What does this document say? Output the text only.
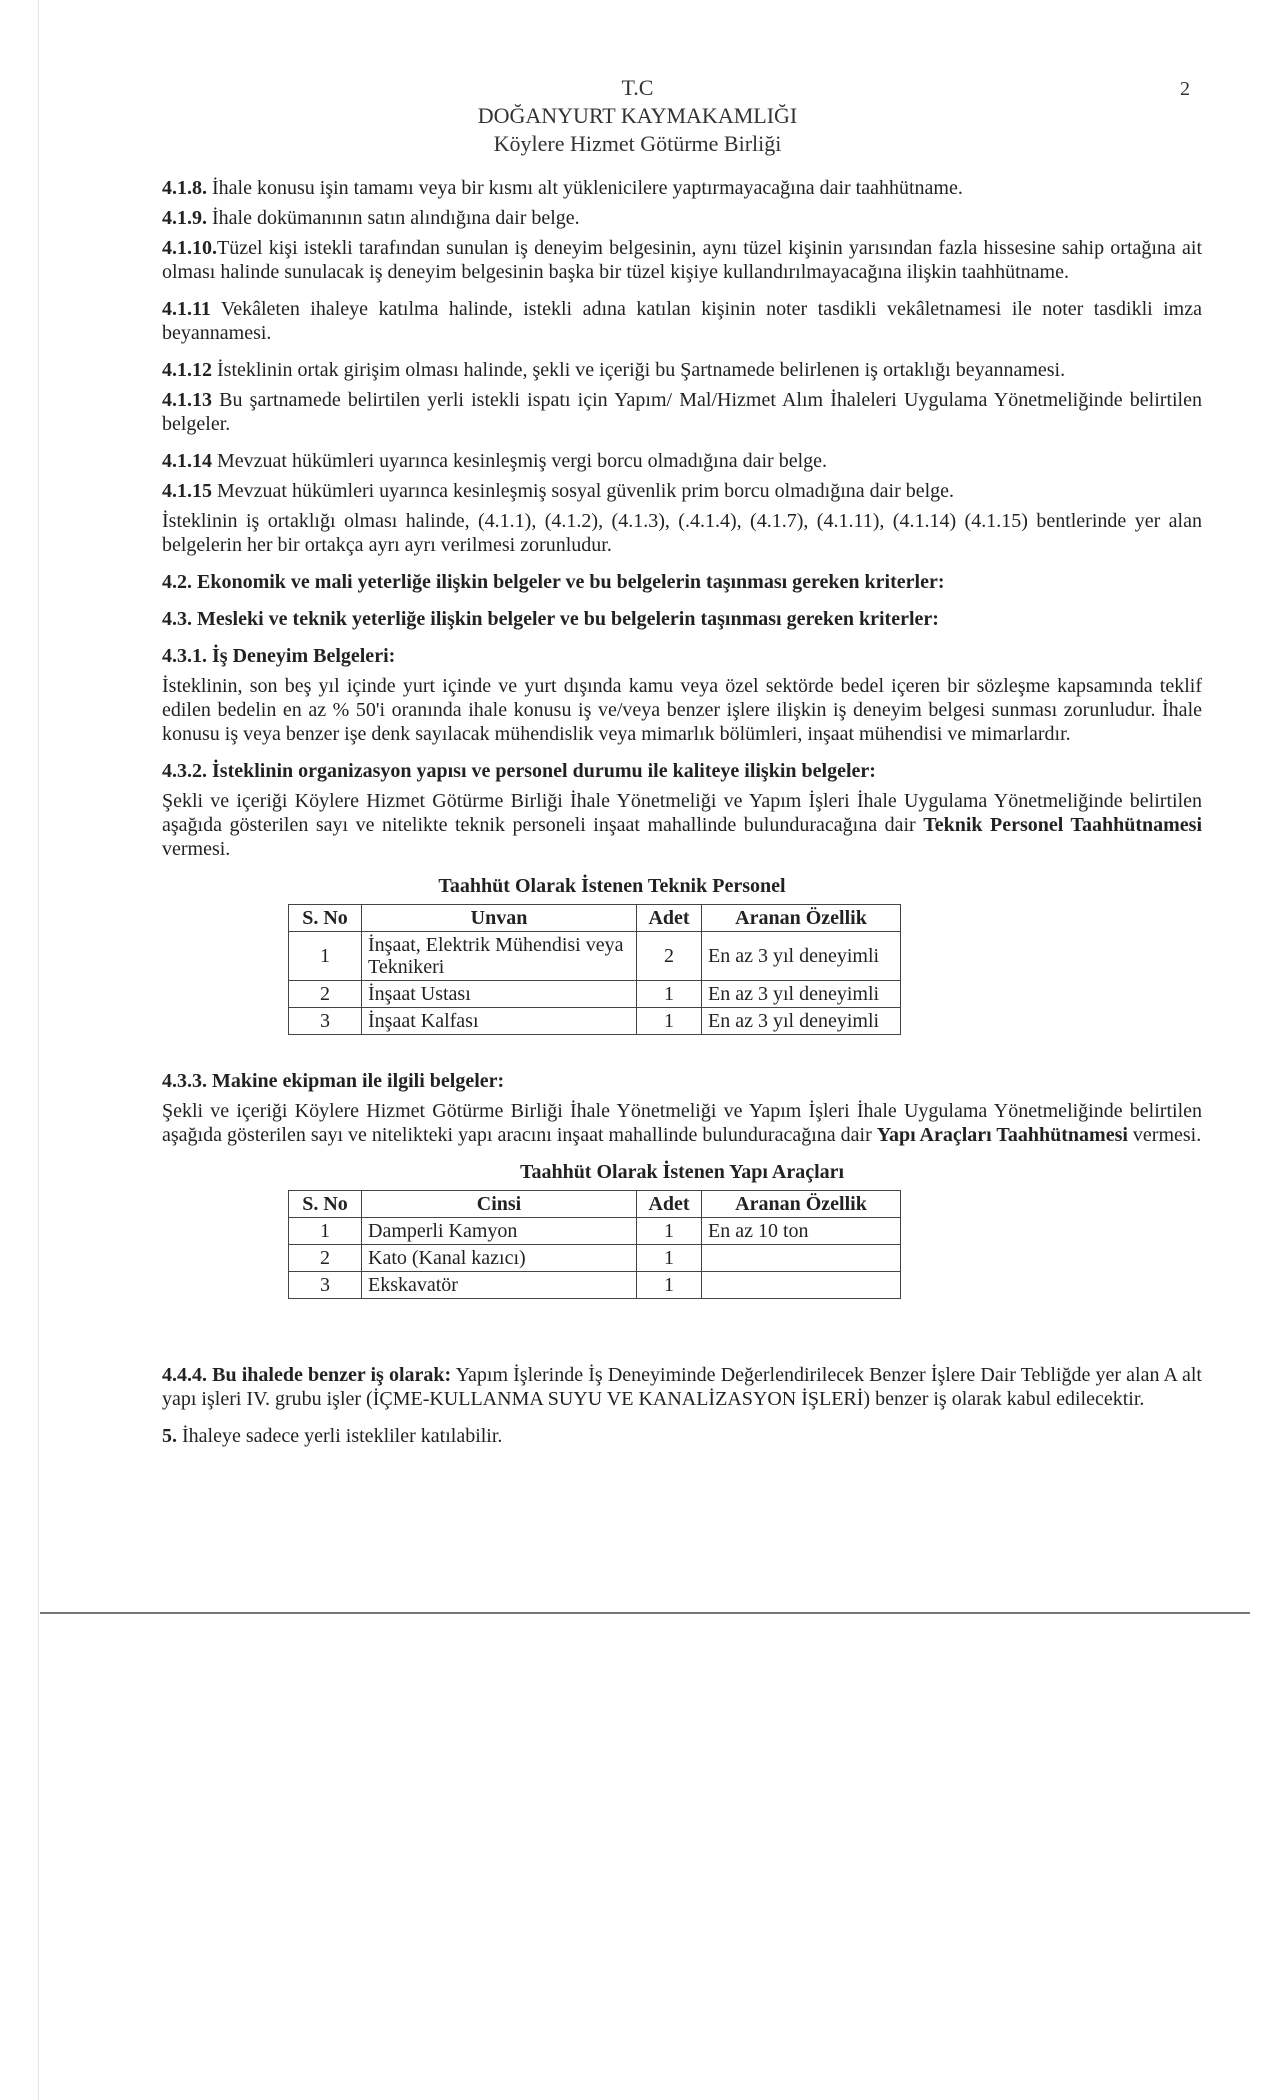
T.C
DOĞANYURT KAYMAKAMLIĞI
Köylere Hizmet Götürme Birliği
2

4.1.8. İhale konusu işin tamamı veya bir kısmı alt yüklenicilere yaptırmayacağına dair taahhütname.

4.1.9. İhale dokümanının satın alındığına dair belge.

4.1.10.Tüzel kişi istekli tarafından sunulan iş deneyim belgesinin, aynı tüzel kişinin yarısından fazla hissesine sahip ortağına ait olması halinde sunulacak iş deneyim belgesinin başka bir tüzel kişiye kullandırılmayacağına ilişkin taahhütname.

4.1.11 Vekâleten ihaleye katılma halinde, istekli adına katılan kişinin noter tasdikli vekâletnamesi ile noter tasdikli imza beyannamesi.

4.1.12 İsteklinin ortak girişim olması halinde, şekli ve içeriği bu Şartnamede belirlenen iş ortaklığı beyannamesi.

4.1.13 Bu şartnamede belirtilen yerli istekli ispatı için Yapım/ Mal/Hizmet Alım İhaleleri Uygulama Yönetmeliğinde belirtilen belgeler.

4.1.14 Mevzuat hükümleri uyarınca kesinleşmiş vergi borcu olmadığına dair belge.

4.1.15 Mevzuat hükümleri uyarınca kesinleşmiş sosyal güvenlik prim borcu olmadığına dair belge.

İsteklinin iş ortaklığı olması halinde, (4.1.1), (4.1.2), (4.1.3), (.4.1.4), (4.1.7), (4.1.11), (4.1.14) (4.1.15) bentlerinde yer alan belgelerin her bir ortakça ayrı ayrı verilmesi zorunludur.

4.2. Ekonomik ve mali yeterliğe ilişkin belgeler ve bu belgelerin taşınması gereken kriterler:

4.3. Mesleki ve teknik yeterliğe ilişkin belgeler ve bu belgelerin taşınması gereken kriterler:

4.3.1. İş Deneyim Belgeleri:

İsteklinin, son beş yıl içinde yurt içinde ve yurt dışında kamu veya özel sektörde bedel içeren bir sözleşme kapsamında teklif edilen bedelin en az % 50'i oranında ihale konusu iş ve/veya benzer işlere ilişkin iş deneyim belgesi sunması zorunludur. İhale konusu iş veya benzer işe denk sayılacak mühendislik veya mimarlık bölümleri, inşaat mühendisi ve mimarlardır.

4.3.2. İsteklinin organizasyon yapısı ve personel durumu ile kaliteye ilişkin belgeler:

Şekli ve içeriği Köylere Hizmet Götürme Birliği İhale Yönetmeliği ve Yapım İşleri İhale Uygulama Yönetmeliğinde belirtilen aşağıda gösterilen sayı ve nitelikte teknik personeli inşaat mahallinde bulunduracağına dair Teknik Personel Taahhütnamesi vermesi.

Taahhüt Olarak İstenen Teknik Personel
S. No	Unvan	Adet	Aranan Özellik
1	İnşaat, Elektrik Mühendisi veya Teknikeri	2	En az 3 yıl deneyimli
2	İnşaat Ustası	1	En az 3 yıl deneyimli
3	İnşaat Kalfası	1	En az 3 yıl deneyimli

4.3.3. Makine ekipman ile ilgili belgeler:

Şekli ve içeriği Köylere Hizmet Götürme Birliği İhale Yönetmeliği ve Yapım İşleri İhale Uygulama Yönetmeliğinde belirtilen aşağıda gösterilen sayı ve nitelikteki yapı aracını inşaat mahallinde bulunduracağına dair Yapı Araçları Taahhütnamesi vermesi.

Taahhüt Olarak İstenen Yapı Araçları
S. No	Cinsi	Adet	Aranan Özellik
1	Damperli Kamyon	1	En az 10 ton
2	Kato (Kanal kazıcı)	1	
3	Ekskavatör	1	

4.4.4. Bu ihalede benzer iş olarak: Yapım İşlerinde İş Deneyiminde Değerlendirilecek Benzer İşlere Dair Tebliğde yer alan A alt yapı işleri IV. grubu işler (İÇME-KULLANMA SUYU VE KANALİZASYON İŞLERİ) benzer iş olarak kabul edilecektir.

5. İhaleye sadece yerli istekliler katılabilir.
